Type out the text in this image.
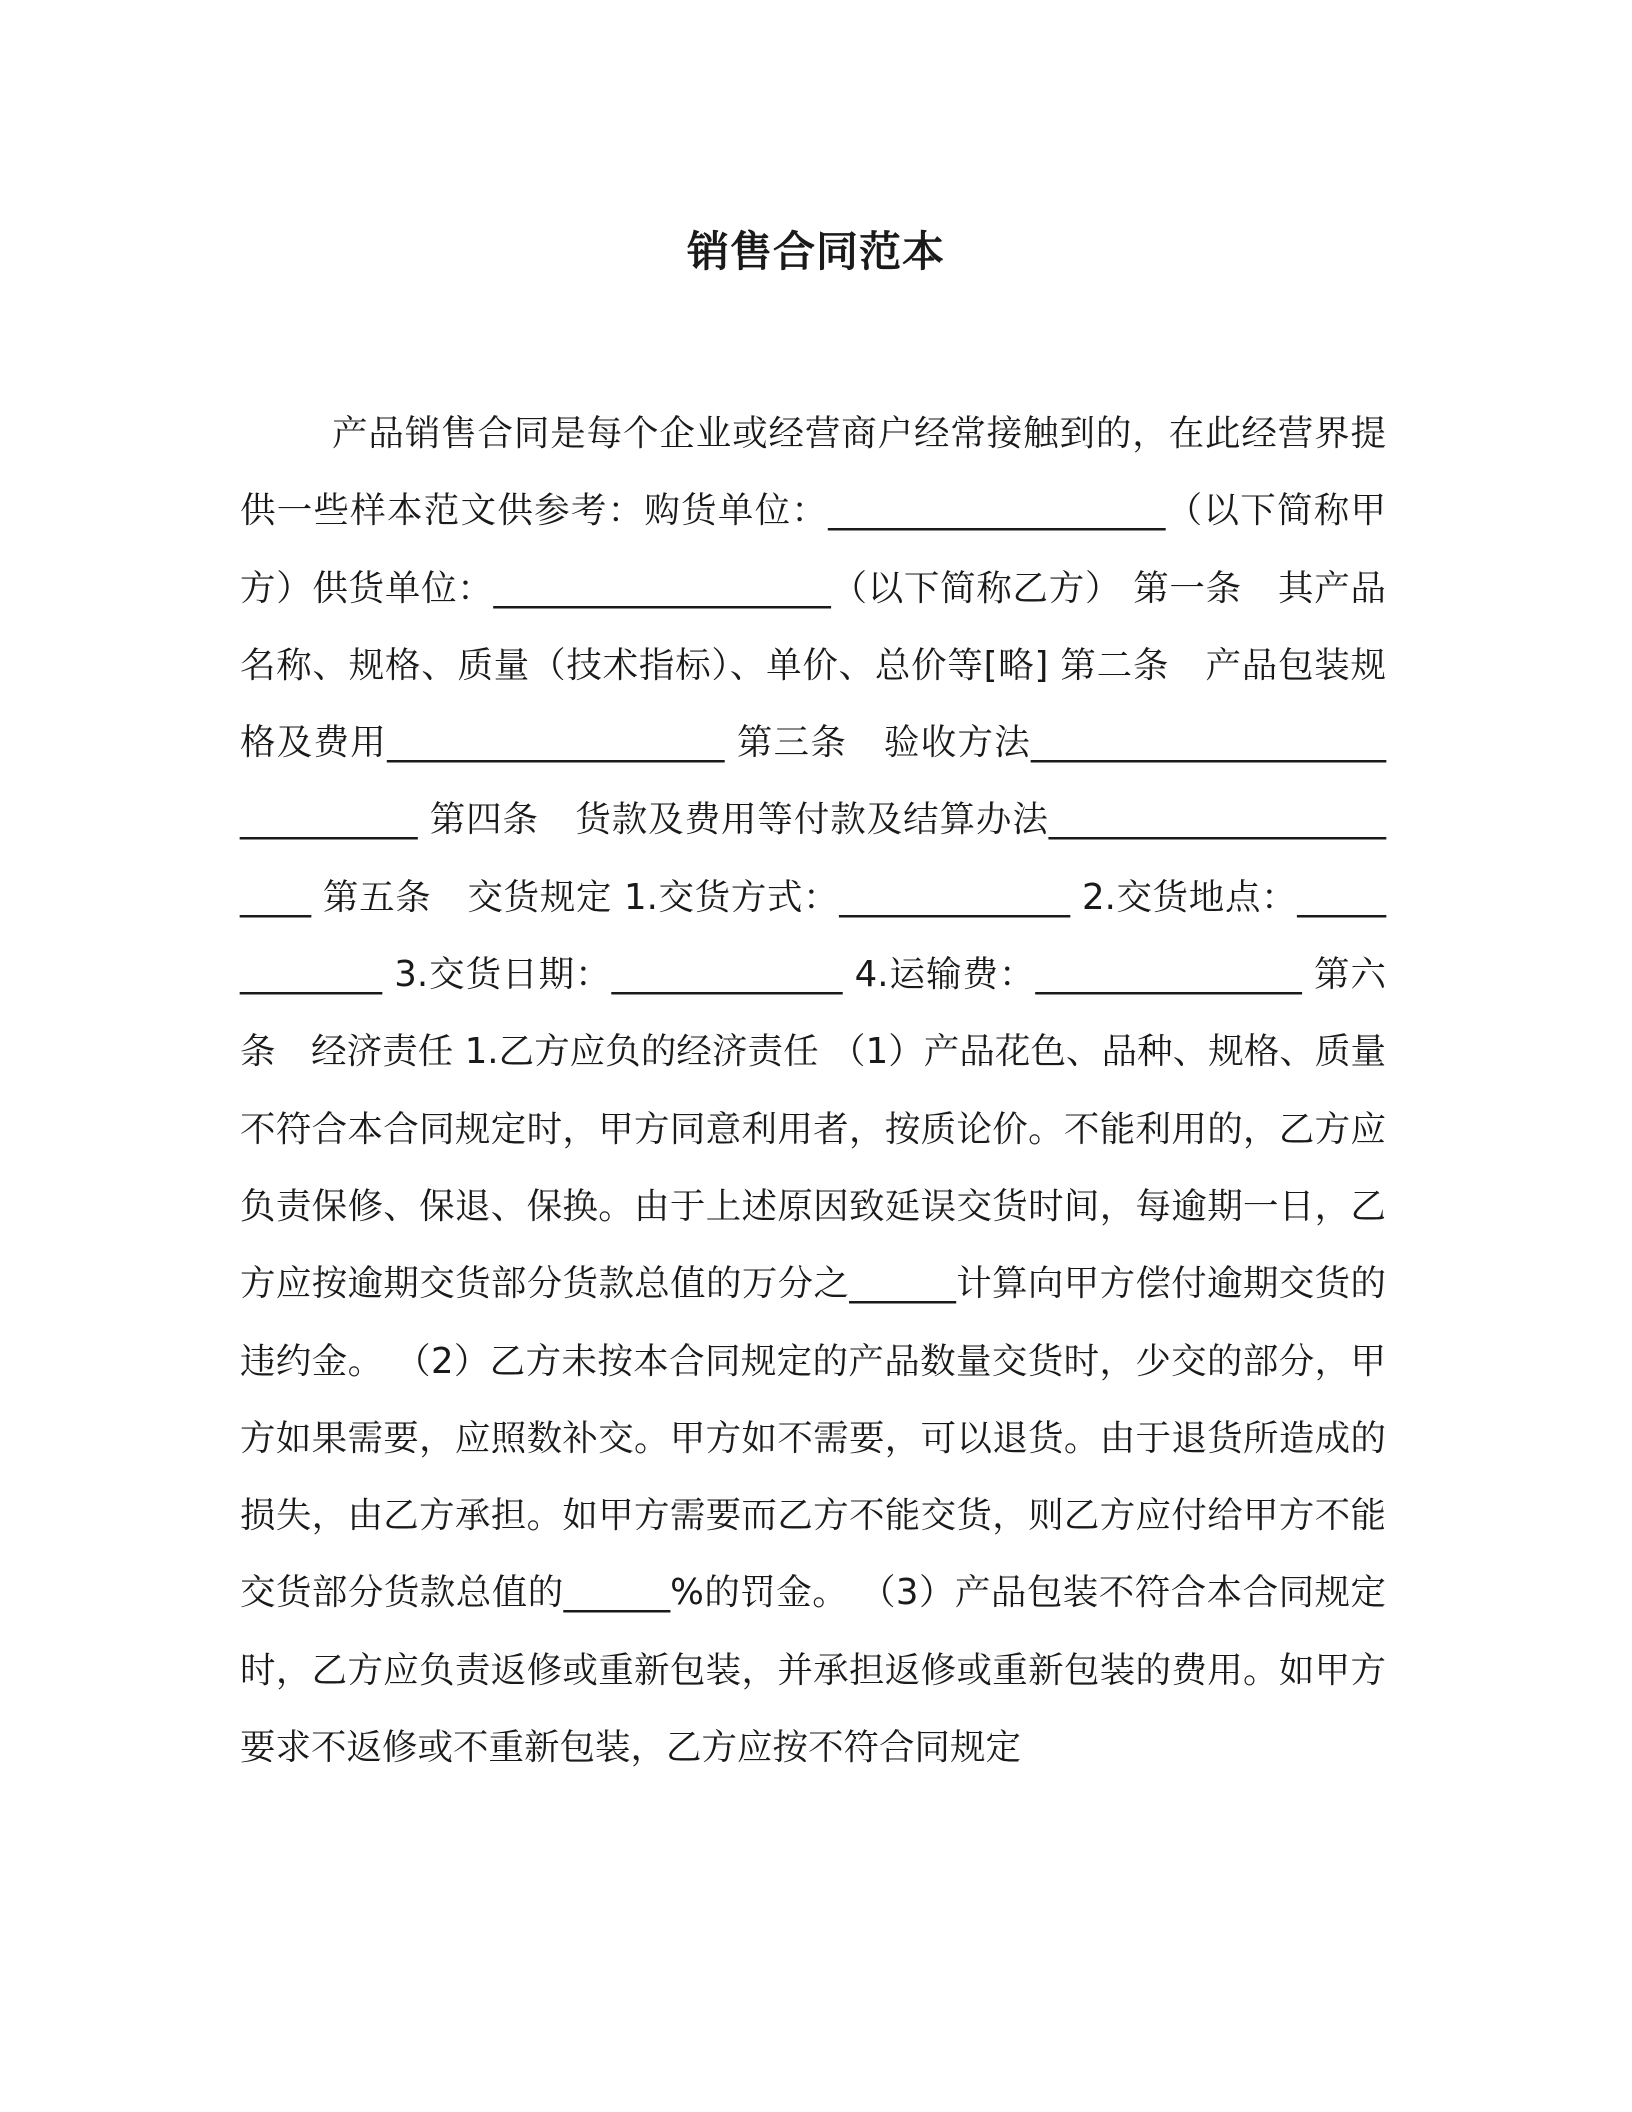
销售合同范本

产品销售合同是每个企业或经营商户经常接触到的，在此经营界提供一些样本范文供参考：购货单位：___________________（以下简称甲方）供货单位：___________________（以下简称乙方） 第一条　其产品名称、规格、质量（技术指标）、单价、总价等[略] 第二条　产品包装规格及费用___________________ 第三条　验收方法______________________________ 第四条　货款及费用等付款及结算办法_______________________ 第五条　交货规定 1.交货方式：_____________ 2.交货地点：_____________ 3.交货日期：_____________ 4.运输费：_______________ 第六条　经济责任 1.乙方应负的经济责任 （1）产品花色、品种、规格、质量不符合本合同规定时，甲方同意利用者，按质论价。不能利用的，乙方应负责保修、保退、保换。由于上述原因致延误交货时间，每逾期一日，乙方应按逾期交货部分货款总值的万分之______计算向甲方偿付逾期交货的违约金。 （2）乙方未按本合同规定的产品数量交货时，少交的部分，甲方如果需要，应照数补交。甲方如不需要，可以退货。由于退货所造成的损失，由乙方承担。如甲方需要而乙方不能交货，则乙方应付给甲方不能交货部分货款总值的______%的罚金。 （3）产品包装不符合本合同规定时，乙方应负责返修或重新包装，并承担返修或重新包装的费用。如甲方要求不返修或不重新包装，乙方应按不符合同规定
